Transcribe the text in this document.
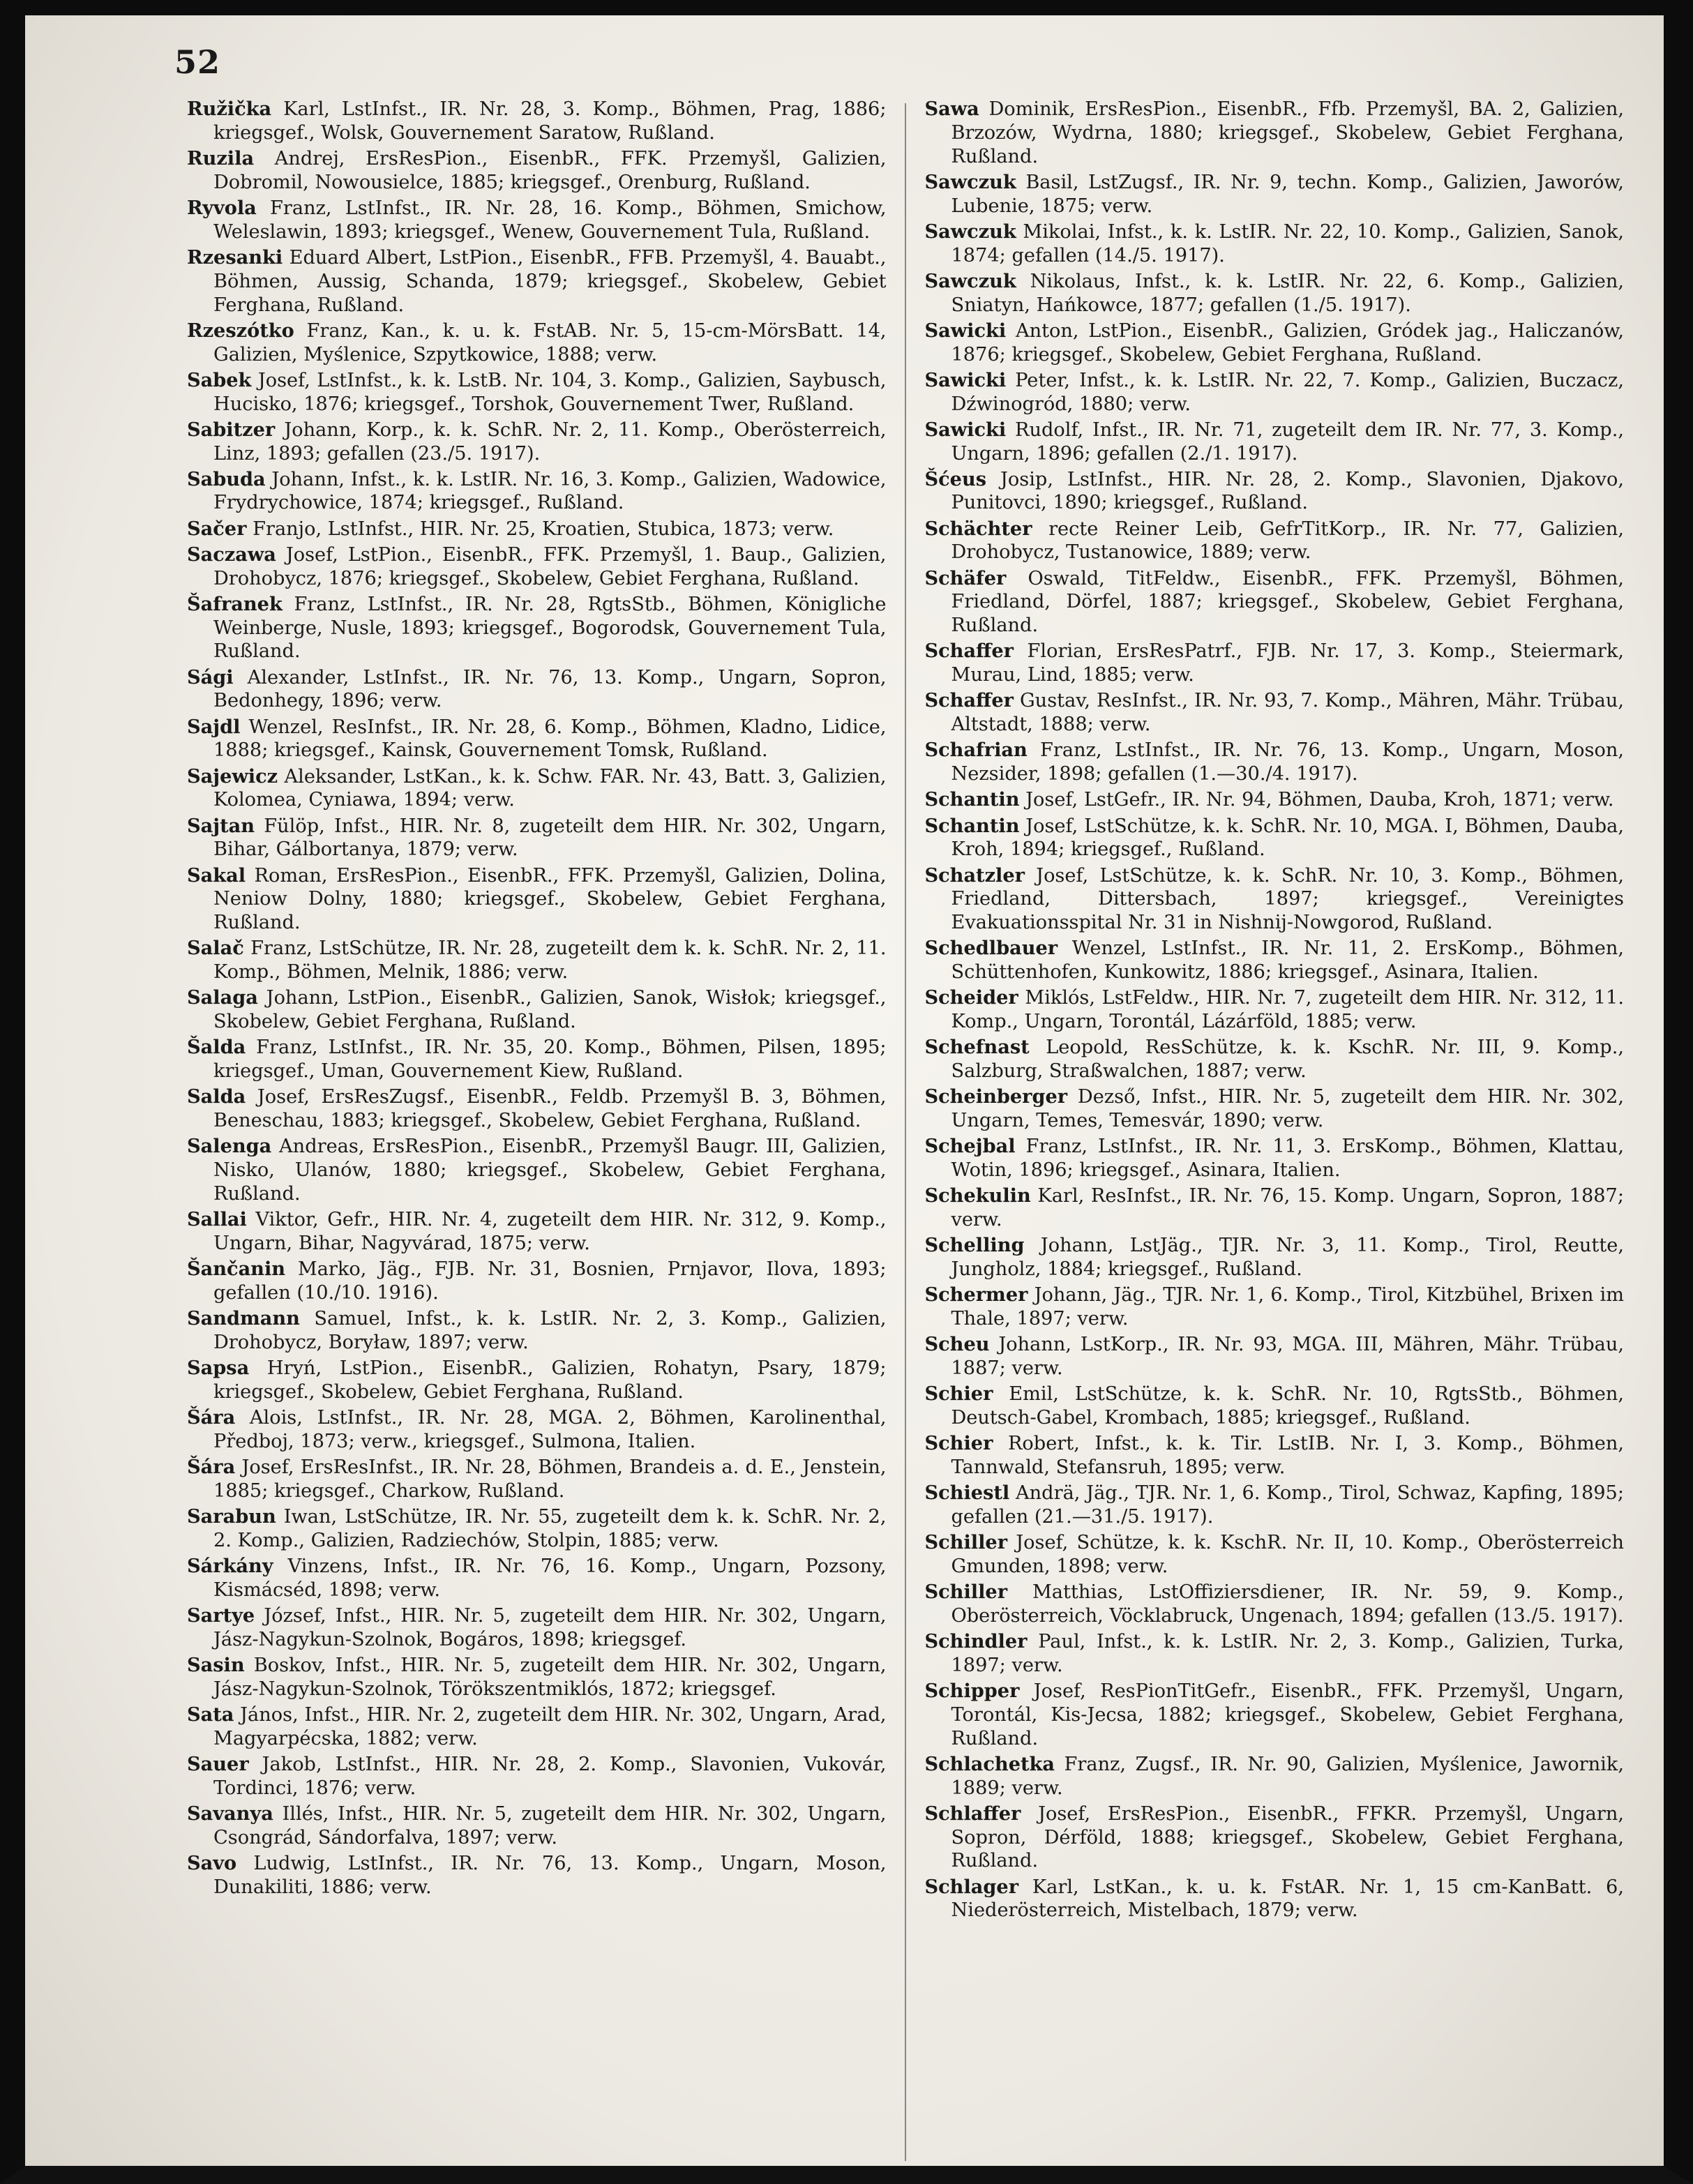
52

Ružička Karl, LstInfst., IR. Nr. 28, 3. Komp., Böhmen, Prag, 1886; kriegsgef., Wolsk, Gouvernement Saratow, Rußland.

Ruzila Andrej, ErsResPion., EisenbR., FFK. Przemyšl, Galizien, Dobromil, Nowousielce, 1885; kriegsgef., Orenburg, Rußland.

Ryvola Franz, LstInfst., IR. Nr. 28, 16. Komp., Böhmen, Smichow, Weleslawin, 1893; kriegsgef., Wenew, Gouvernement Tula, Rußland.

Rzesanki Eduard Albert, LstPion., EisenbR., FFB. Przemyšl, 4. Bauabt., Böhmen, Aussig, Schanda, 1879; kriegsgef., Skobelew, Gebiet Ferghana, Rußland.

Rzeszótko Franz, Kan., k. u. k. FstAB. Nr. 5, 15-cm-MörsBatt. 14, Galizien, Myślenice, Szpytkowice, 1888; verw.

Sabek Josef, LstInfst., k. k. LstB. Nr. 104, 3. Komp., Galizien, Saybusch, Hucisko, 1876; kriegsgef., Torshok, Gouvernement Twer, Rußland.

Sabitzer Johann, Korp., k. k. SchR. Nr. 2, 11. Komp., Oberösterreich, Linz, 1893; gefallen (23./5. 1917).

Sabuda Johann, Infst., k. k. LstIR. Nr. 16, 3. Komp., Galizien, Wadowice, Frydrychowice, 1874; kriegsgef., Rußland.

Sačer Franjo, LstInfst., HIR. Nr. 25, Kroatien, Stubica, 1873; verw.

Saczawa Josef, LstPion., EisenbR., FFK. Przemyšl, 1. Baup., Galizien, Drohobycz, 1876; kriegsgef., Skobelew, Gebiet Ferghana, Rußland.

Šafranek Franz, LstInfst., IR. Nr. 28, RgtsStb., Böhmen, Königliche Weinberge, Nusle, 1893; kriegsgef., Bogorodsk, Gouvernement Tula, Rußland.

Sági Alexander, LstInfst., IR. Nr. 76, 13. Komp., Ungarn, Sopron, Bedonhegy, 1896; verw.

Sajdl Wenzel, ResInfst., IR. Nr. 28, 6. Komp., Böhmen, Kladno, Lidice, 1888; kriegsgef., Kainsk, Gouvernement Tomsk, Rußland.

Sajewicz Aleksander, LstKan., k. k. Schw. FAR. Nr. 43, Batt. 3, Galizien, Kolomea, Cyniawa, 1894; verw.

Sajtan Fülöp, Infst., HIR. Nr. 8, zugeteilt dem HIR. Nr. 302, Ungarn, Bihar, Gálbortanya, 1879; verw.

Sakal Roman, ErsResPion., EisenbR., FFK. Przemyšl, Galizien, Dolina, Neniow Dolny, 1880; kriegsgef., Skobelew, Gebiet Ferghana, Rußland.

Salač Franz, LstSchütze, IR. Nr. 28, zugeteilt dem k. k. SchR. Nr. 2, 11. Komp., Böhmen, Melnik, 1886; verw.

Salaga Johann, LstPion., EisenbR., Galizien, Sanok, Wisłok; kriegsgef., Skobelew, Gebiet Ferghana, Rußland.

Šalda Franz, LstInfst., IR. Nr. 35, 20. Komp., Böhmen, Pilsen, 1895; kriegsgef., Uman, Gouvernement Kiew, Rußland.

Salda Josef, ErsResZugsf., EisenbR., Feldb. Przemyšl B. 3, Böhmen, Beneschau, 1883; kriegsgef., Skobelew, Gebiet Ferghana, Rußland.

Salenga Andreas, ErsResPion., EisenbR., Przemyšl Baugr. III, Galizien, Nisko, Ulanów, 1880; kriegsgef., Skobelew, Gebiet Ferghana, Rußland.

Sallai Viktor, Gefr., HIR. Nr. 4, zugeteilt dem HIR. Nr. 312, 9. Komp., Ungarn, Bihar, Nagyvárad, 1875; verw.

Šančanin Marko, Jäg., FJB. Nr. 31, Bosnien, Prnjavor, Ilova, 1893; gefallen (10./10. 1916).

Sandmann Samuel, Infst., k. k. LstIR. Nr. 2, 3. Komp., Galizien, Drohobycz, Boryław, 1897; verw.

Sapsa Hryń, LstPion., EisenbR., Galizien, Rohatyn, Psary, 1879; kriegsgef., Skobelew, Gebiet Ferghana, Rußland.

Šára Alois, LstInfst., IR. Nr. 28, MGA. 2, Böhmen, Karolinenthal, Předboj, 1873; verw., kriegsgef., Sulmona, Italien.

Šára Josef, ErsResInfst., IR. Nr. 28, Böhmen, Brandeis a. d. E., Jenstein, 1885; kriegsgef., Charkow, Rußland.

Sarabun Iwan, LstSchütze, IR. Nr. 55, zugeteilt dem k. k. SchR. Nr. 2, 2. Komp., Galizien, Radziechów, Stolpin, 1885; verw.

Sárkány Vinzens, Infst., IR. Nr. 76, 16. Komp., Ungarn, Pozsony, Kismácséd, 1898; verw.

Sartye József, Infst., HIR. Nr. 5, zugeteilt dem HIR. Nr. 302, Ungarn, Jász-Nagykun-Szolnok, Bogáros, 1898; kriegsgef.

Sasin Boskov, Infst., HIR. Nr. 5, zugeteilt dem HIR. Nr. 302, Ungarn, Jász-Nagykun-Szolnok, Törökszentmiklós, 1872; kriegsgef.

Sata János, Infst., HIR. Nr. 2, zugeteilt dem HIR. Nr. 302, Ungarn, Arad, Magyarpécska, 1882; verw.

Sauer Jakob, LstInfst., HIR. Nr. 28, 2. Komp., Slavonien, Vukovár, Tordinci, 1876; verw.

Savanya Illés, Infst., HIR. Nr. 5, zugeteilt dem HIR. Nr. 302, Ungarn, Csongrád, Sándorfalva, 1897; verw.

Savo Ludwig, LstInfst., IR. Nr. 76, 13. Komp., Ungarn, Moson, Dunakiliti, 1886; verw.

Sawa Dominik, ErsResPion., EisenbR., Ffb. Przemyšl, BA. 2, Galizien, Brzozów, Wydrna, 1880; kriegsgef., Skobelew, Gebiet Ferghana, Rußland.

Sawczuk Basil, LstZugsf., IR. Nr. 9, techn. Komp., Galizien, Jaworów, Lubenie, 1875; verw.

Sawczuk Mikolai, Infst., k. k. LstIR. Nr. 22, 10. Komp., Galizien, Sanok, 1874; gefallen (14./5. 1917).

Sawczuk Nikolaus, Infst., k. k. LstIR. Nr. 22, 6. Komp., Galizien, Sniatyn, Hańkowce, 1877; gefallen (1./5. 1917).

Sawicki Anton, LstPion., EisenbR., Galizien, Gródek jag., Haliczanów, 1876; kriegsgef., Skobelew, Gebiet Ferghana, Rußland.

Sawicki Peter, Infst., k. k. LstIR. Nr. 22, 7. Komp., Galizien, Buczacz, Dźwinogród, 1880; verw.

Sawicki Rudolf, Infst., IR. Nr. 71, zugeteilt dem IR. Nr. 77, 3. Komp., Ungarn, 1896; gefallen (2./1. 1917).

Šćeus Josip, LstInfst., HIR. Nr. 28, 2. Komp., Slavonien, Djakovo, Punitovci, 1890; kriegsgef., Rußland.

Schächter recte Reiner Leib, GefrTitKorp., IR. Nr. 77, Galizien, Drohobycz, Tustanowice, 1889; verw.

Schäfer Oswald, TitFeldw., EisenbR., FFK. Przemyšl, Böhmen, Friedland, Dörfel, 1887; kriegsgef., Skobelew, Gebiet Ferghana, Rußland.

Schaffer Florian, ErsResPatrf., FJB. Nr. 17, 3. Komp., Steiermark, Murau, Lind, 1885; verw.

Schaffer Gustav, ResInfst., IR. Nr. 93, 7. Komp., Mähren, Mähr. Trübau, Altstadt, 1888; verw.

Schafrian Franz, LstInfst., IR. Nr. 76, 13. Komp., Ungarn, Moson, Nezsider, 1898; gefallen (1.—30./4. 1917).

Schantin Josef, LstGefr., IR. Nr. 94, Böhmen, Dauba, Kroh, 1871; verw.

Schantin Josef, LstSchütze, k. k. SchR. Nr. 10, MGA. I, Böhmen, Dauba, Kroh, 1894; kriegsgef., Rußland.

Schatzler Josef, LstSchütze, k. k. SchR. Nr. 10, 3. Komp., Böhmen, Friedland, Dittersbach, 1897; kriegsgef., Vereinigtes Evakuationsspital Nr. 31 in Nishnij-Nowgorod, Rußland.

Schedlbauer Wenzel, LstInfst., IR. Nr. 11, 2. ErsKomp., Böhmen, Schüttenhofen, Kunkowitz, 1886; kriegsgef., Asinara, Italien.

Scheider Miklós, LstFeldw., HIR. Nr. 7, zugeteilt dem HIR. Nr. 312, 11. Komp., Ungarn, Torontál, Lázárföld, 1885; verw.

Schefnast Leopold, ResSchütze, k. k. KschR. Nr. III, 9. Komp., Salzburg, Straßwalchen, 1887; verw.

Scheinberger Dezső, Infst., HIR. Nr. 5, zugeteilt dem HIR. Nr. 302, Ungarn, Temes, Temesvár, 1890; verw.

Schejbal Franz, LstInfst., IR. Nr. 11, 3. ErsKomp., Böhmen, Klattau, Wotin, 1896; kriegsgef., Asinara, Italien.

Schekulin Karl, ResInfst., IR. Nr. 76, 15. Komp. Ungarn, Sopron, 1887; verw.

Schelling Johann, LstJäg., TJR. Nr. 3, 11. Komp., Tirol, Reutte, Jungholz, 1884; kriegsgef., Rußland.

Schermer Johann, Jäg., TJR. Nr. 1, 6. Komp., Tirol, Kitzbühel, Brixen im Thale, 1897; verw.

Scheu Johann, LstKorp., IR. Nr. 93, MGA. III, Mähren, Mähr. Trübau, 1887; verw.

Schier Emil, LstSchütze, k. k. SchR. Nr. 10, RgtsStb., Böhmen, Deutsch-Gabel, Krombach, 1885; kriegsgef., Rußland.

Schier Robert, Infst., k. k. Tir. LstIB. Nr. I, 3. Komp., Böhmen, Tannwald, Stefansruh, 1895; verw.

Schiestl Andrä, Jäg., TJR. Nr. 1, 6. Komp., Tirol, Schwaz, Kapfing, 1895; gefallen (21.—31./5. 1917).

Schiller Josef, Schütze, k. k. KschR. Nr. II, 10. Komp., Oberösterreich Gmunden, 1898; verw.

Schiller Matthias, LstOffiziersdiener, IR. Nr. 59, 9. Komp., Oberösterreich, Vöcklabruck, Ungenach, 1894; gefallen (13./5. 1917).

Schindler Paul, Infst., k. k. LstIR. Nr. 2, 3. Komp., Galizien, Turka, 1897; verw.

Schipper Josef, ResPionTitGefr., EisenbR., FFK. Przemyšl, Ungarn, Torontál, Kis-Jecsa, 1882; kriegsgef., Skobelew, Gebiet Ferghana, Rußland.

Schlachetka Franz, Zugsf., IR. Nr. 90, Galizien, Myślenice, Jawornik, 1889; verw.

Schlaffer Josef, ErsResPion., EisenbR., FFKR. Przemyšl, Ungarn, Sopron, Dérföld, 1888; kriegsgef., Skobelew, Gebiet Ferghana, Rußland.

Schlager Karl, LstKan., k. u. k. FstAR. Nr. 1, 15 cm-KanBatt. 6, Niederösterreich, Mistelbach, 1879; verw.
